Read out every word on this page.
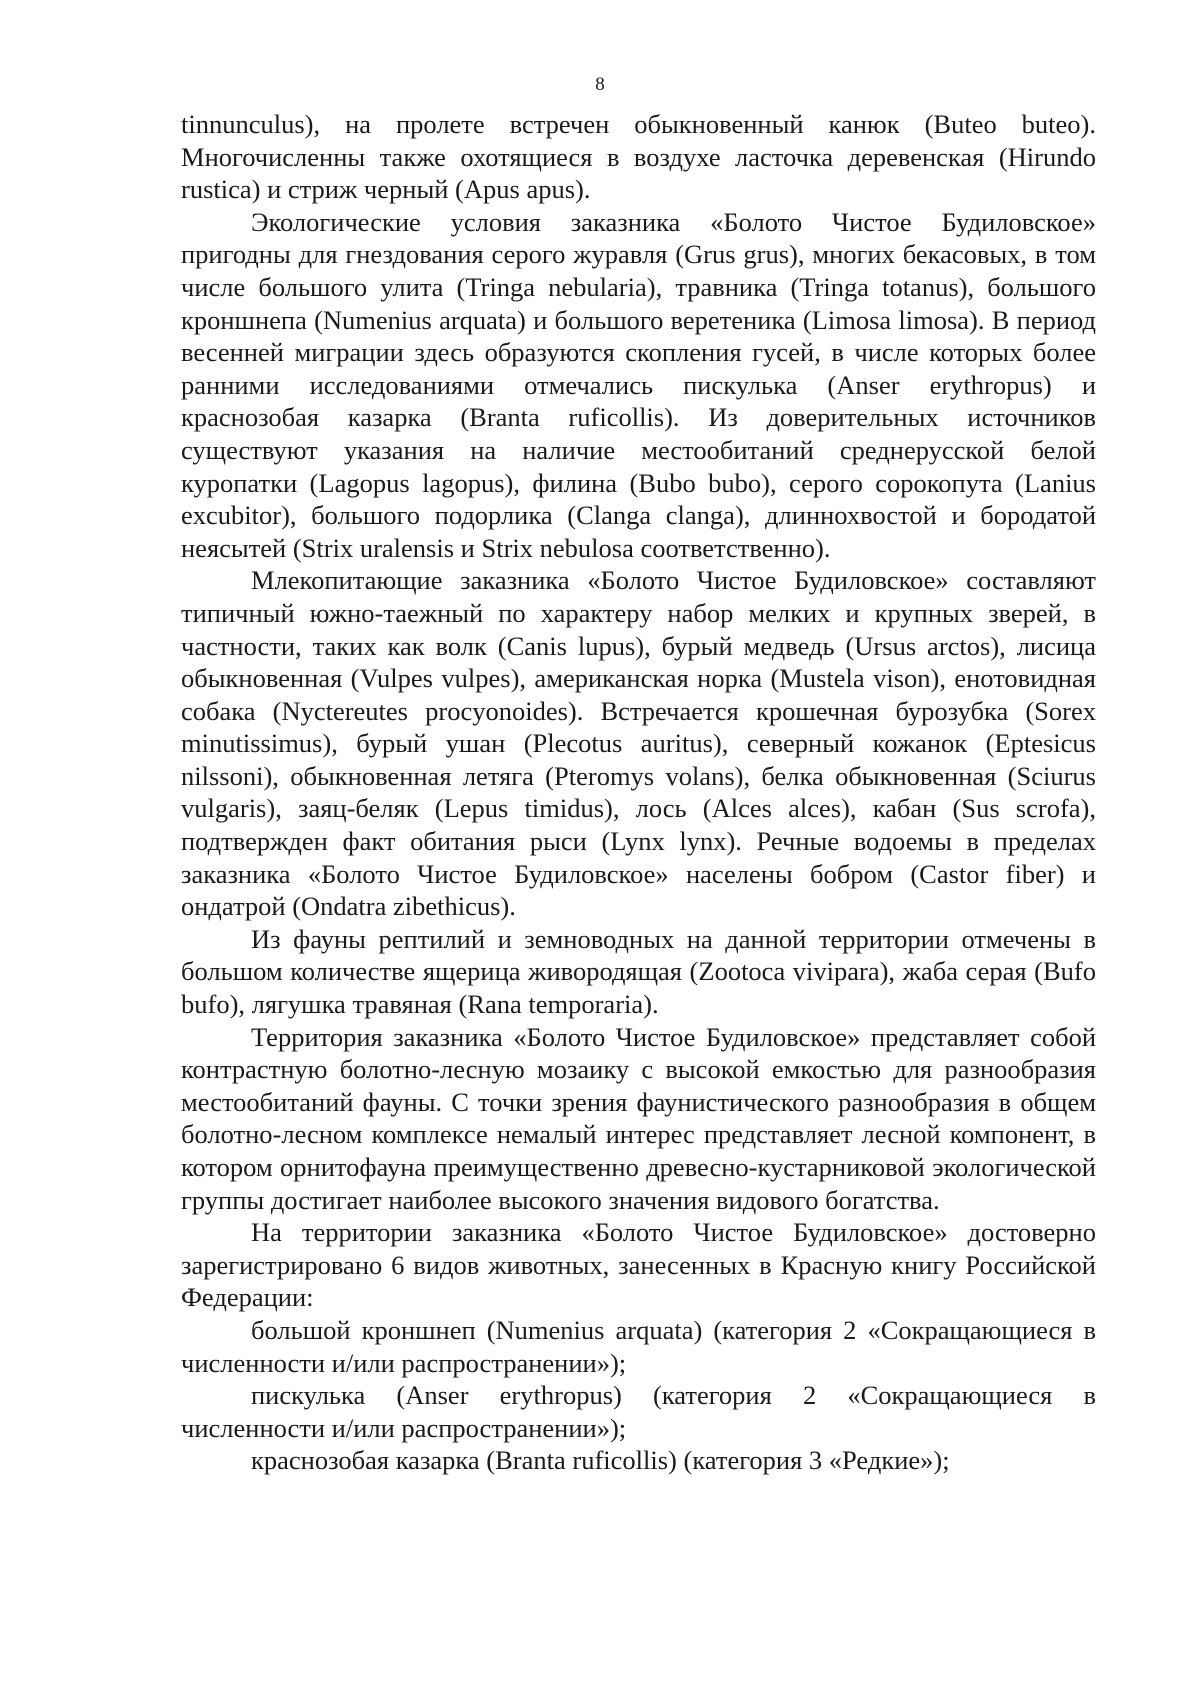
8

tinnunculus), на пролете встречен обыкновенный канюк (Buteo buteo). Многочисленны также охотящиеся в воздухе ласточка деревенская (Hirundo rustica) и стриж черный (Apus apus).

Экологические условия заказника «Болото Чистое Будиловское» пригодны для гнездования серого журавля (Grus grus), многих бекасовых, в том числе большого улита (Tringa nebularia), травника (Tringa totanus), большого кроншнепа (Numenius arquata) и большого веретеника (Limosa limosa). В период весенней миграции здесь образуются скопления гусей, в числе которых более ранними исследованиями отмечались пискулька (Anser erythropus) и краснозобая казарка (Branta ruficollis). Из доверительных источников существуют указания на наличие местообитаний среднерусской белой куропатки (Lagopus lagopus), филина (Bubo bubo), серого сорокопута (Lanius excubitor), большого подорлика (Clanga clanga), длиннохвостой и бородатой неясытей (Strix uralensis и Strix nebulosa соответственно).

Млекопитающие заказника «Болото Чистое Будиловское» составляют типичный южно-таежный по характеру набор мелких и крупных зверей, в частности, таких как волк (Canis lupus), бурый медведь (Ursus arctos), лисица обыкновенная (Vulpes vulpes), американская норка (Mustela vison), енотовидная собака (Nyctereutes procyonoides). Встречается крошечная бурозубка (Sorex minutissimus), бурый ушан (Plecotus auritus), северный кожанок (Eptesicus nilssoni), обыкновенная летяга (Pteromys volans), белка обыкновенная (Sciurus vulgaris), заяц-беляк (Lepus timidus), лось (Alces alces), кабан (Sus scrofa), подтвержден факт обитания рыси (Lynx lynx). Речные водоемы в пределах заказника «Болото Чистое Будиловское» населены бобром (Castor fiber) и ондатрой (Ondatra zibethicus).

Из фауны рептилий и земноводных на данной территории отмечены в большом количестве ящерица живородящая (Zootoca vivipara), жаба серая (Bufo bufo), лягушка травяная (Rana temporaria).

Территория заказника «Болото Чистое Будиловское» представляет собой контрастную болотно-лесную мозаику с высокой емкостью для разнообразия местообитаний фауны. С точки зрения фаунистического разнообразия в общем болотно-лесном комплексе немалый интерес представляет лесной компонент, в котором орнитофауна преимущественно древесно-кустарниковой экологической группы достигает наиболее высокого значения видового богатства.

На территории заказника «Болото Чистое Будиловское» достоверно зарегистрировано 6 видов животных, занесенных в Красную книгу Российской Федерации:

большой кроншнеп (Numenius arquata) (категория 2 «Сокращающиеся в численности и/или распространении»);

пискулька (Anser erythropus) (категория 2 «Сокращающиеся в численности и/или распространении»);

краснозобая казарка (Branta ruficollis) (категория 3 «Редкие»);
